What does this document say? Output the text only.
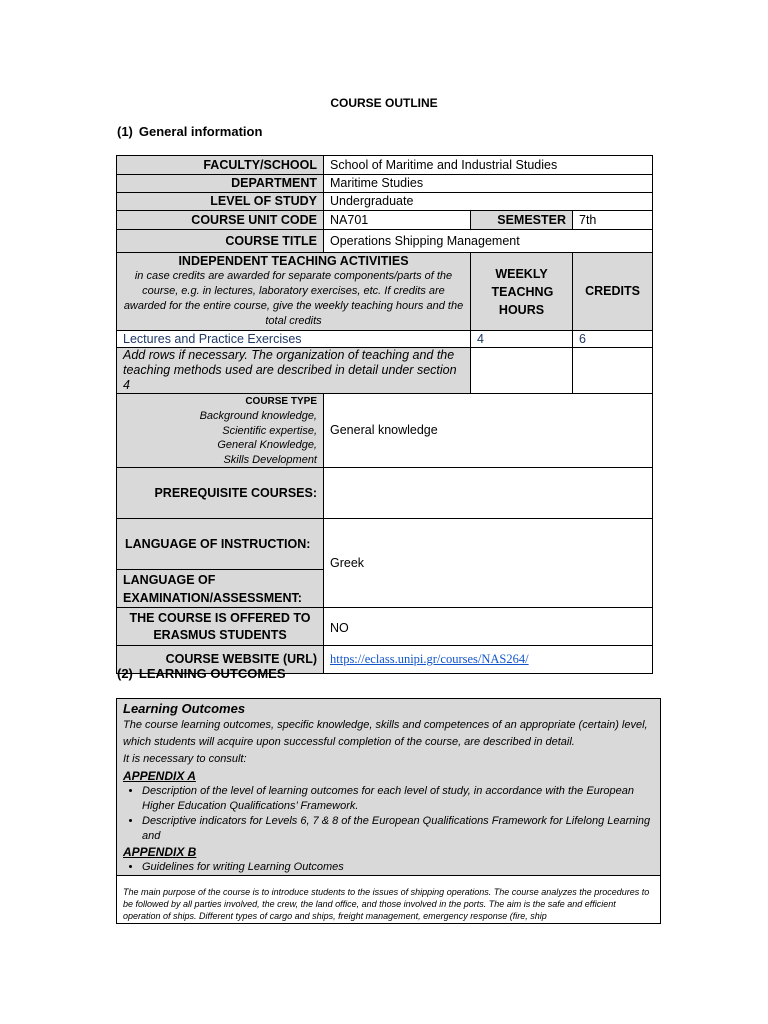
COURSE OUTLINE
(1) General information
FACULTY/SCHOOL	School of Maritime and Industrial Studies		
DEPARTMENT	Maritime Studies		
LEVEL OF STUDY	Undergraduate		
COURSE UNIT CODE	NA701	SEMESTER	7th
COURSE TITLE	Operations Shipping Management		

INDEPENDENT TEACHING ACTIVITIES
in case credits are awarded for separate components/parts of the course, e.g. in lectures, laboratory exercises, etc. If credits are awarded for the entire course, give the weekly teaching hours and the total credits		WEEKLY TEACHNG HOURS	CREDITS
Lectures and Practice Exercises		4	6
Add rows if necessary. The organization of teaching and the teaching methods used are described in detail under section 4			

COURSE TYPE
Background knowledge,
Scientific expertise,
General Knowledge,
Skills Development	General knowledge		
PREREQUISITE COURSES:			
LANGUAGE OF INSTRUCTION:	Greek		
LANGUAGE OF EXAMINATION/ASSESSMENT:			

THE COURSE IS OFFERED TO ERASMUS STUDENTS	NO		
COURSE WEBSITE (URL)	https://eclass.unipi.gr/courses/NAS264/		
(2) LEARNING OUTCOMES
Learning Outcomes
The course learning outcomes, specific knowledge, skills and competences of an appropriate (certain) level, which students will acquire upon successful completion of the course, are described in detail.
It is necessary to consult:
APPENDIX A
• Description of the level of learning outcomes for each level of study, in accordance with the European Higher Education Qualifications’ Framework.
• Descriptive indicators for Levels 6, 7 & 8 of the European Qualifications Framework for Lifelong Learning and
APPENDIX B
• Guidelines for writing Learning Outcomes
The main purpose of the course is to introduce students to the issues of shipping operations. The course analyzes the procedures to be followed by all parties involved, the crew, the land office, and those involved in the ports. The aim is the safe and efficient operation of ships. Different types of cargo and ships, freight management, emergency response (fire, ship
